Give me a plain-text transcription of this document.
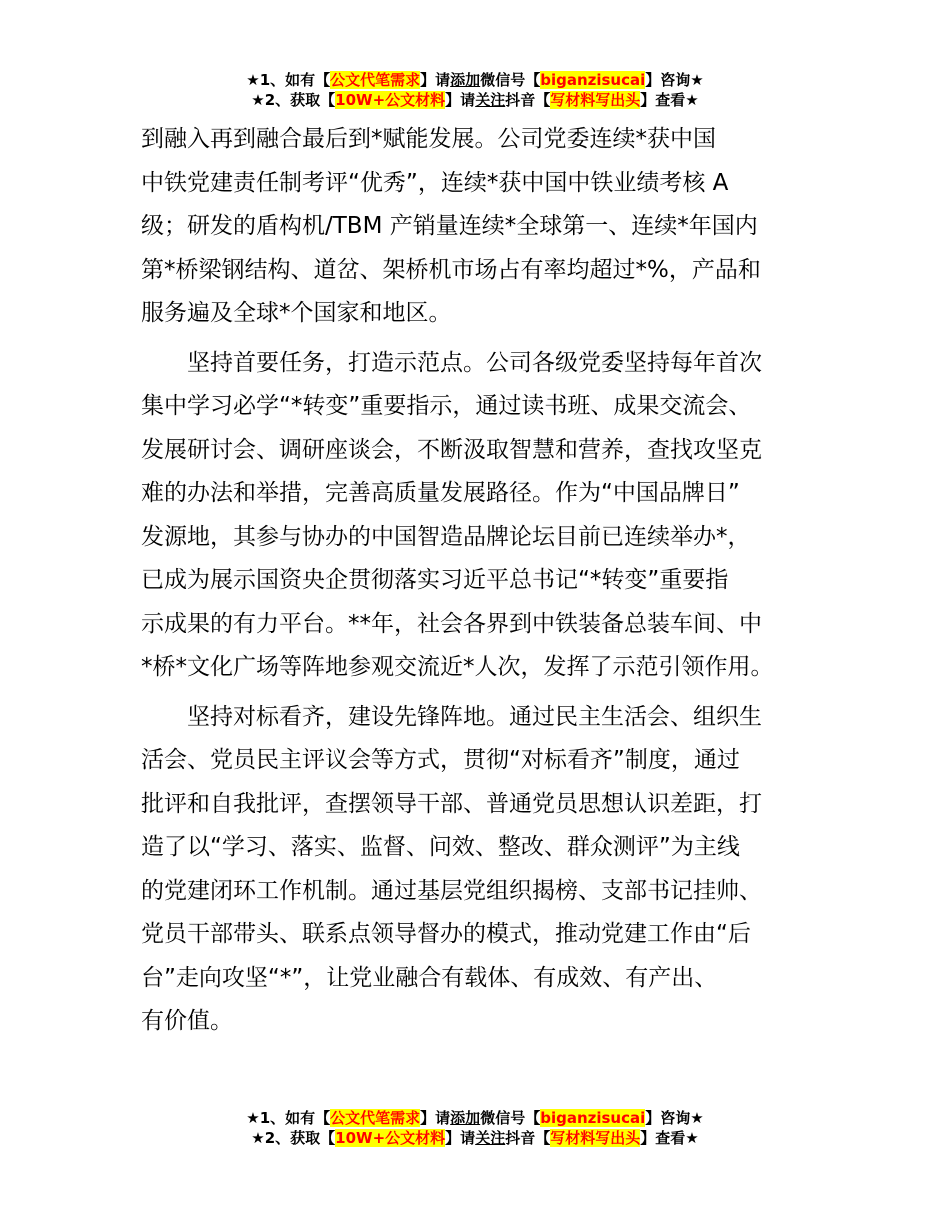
★1、如有【公文代笔需求】请添加微信号【biganzisucai】咨询★
★2、获取【10W+公文材料】请关注抖音【写材料写出头】查看★

到融入再到融合最后到*赋能发展。公司党委连续*获中国
中铁党建责任制考评“优秀”，连续*获中国中铁业绩考核 A
级；研发的盾构机/TBM 产销量连续*全球第一、连续*年国内
第*桥梁钢结构、道岔、架桥机市场占有率均超过*%，产品和
服务遍及全球*个国家和地区。

坚持首要任务，打造示范点。公司各级党委坚持每年首次
集中学习必学“*转变”重要指示，通过读书班、成果交流会、
发展研讨会、调研座谈会，不断汲取智慧和营养，查找攻坚克
难的办法和举措，完善高质量发展路径。作为“中国品牌日”
发源地，其参与协办的中国智造品牌论坛目前已连续举办*，
已成为展示国资央企贯彻落实习近平总书记“*转变”重要指
示成果的有力平台。**年，社会各界到中铁装备总装车间、中
*桥*文化广场等阵地参观交流近*人次，发挥了示范引领作用。

坚持对标看齐，建设先锋阵地。通过民主生活会、组织生
活会、党员民主评议会等方式，贯彻“对标看齐”制度，通过
批评和自我批评，查摆领导干部、普通党员思想认识差距，打
造了以“学习、落实、监督、问效、整改、群众测评”为主线
的党建闭环工作机制。通过基层党组织揭榜、支部书记挂帅、
党员干部带头、联系点领导督办的模式，推动党建工作由“后
台”走向攻坚“*”，让党业融合有载体、有成效、有产出、
有价值。

★1、如有【公文代笔需求】请添加微信号【biganzisucai】咨询★
★2、获取【10W+公文材料】请关注抖音【写材料写出头】查看★
